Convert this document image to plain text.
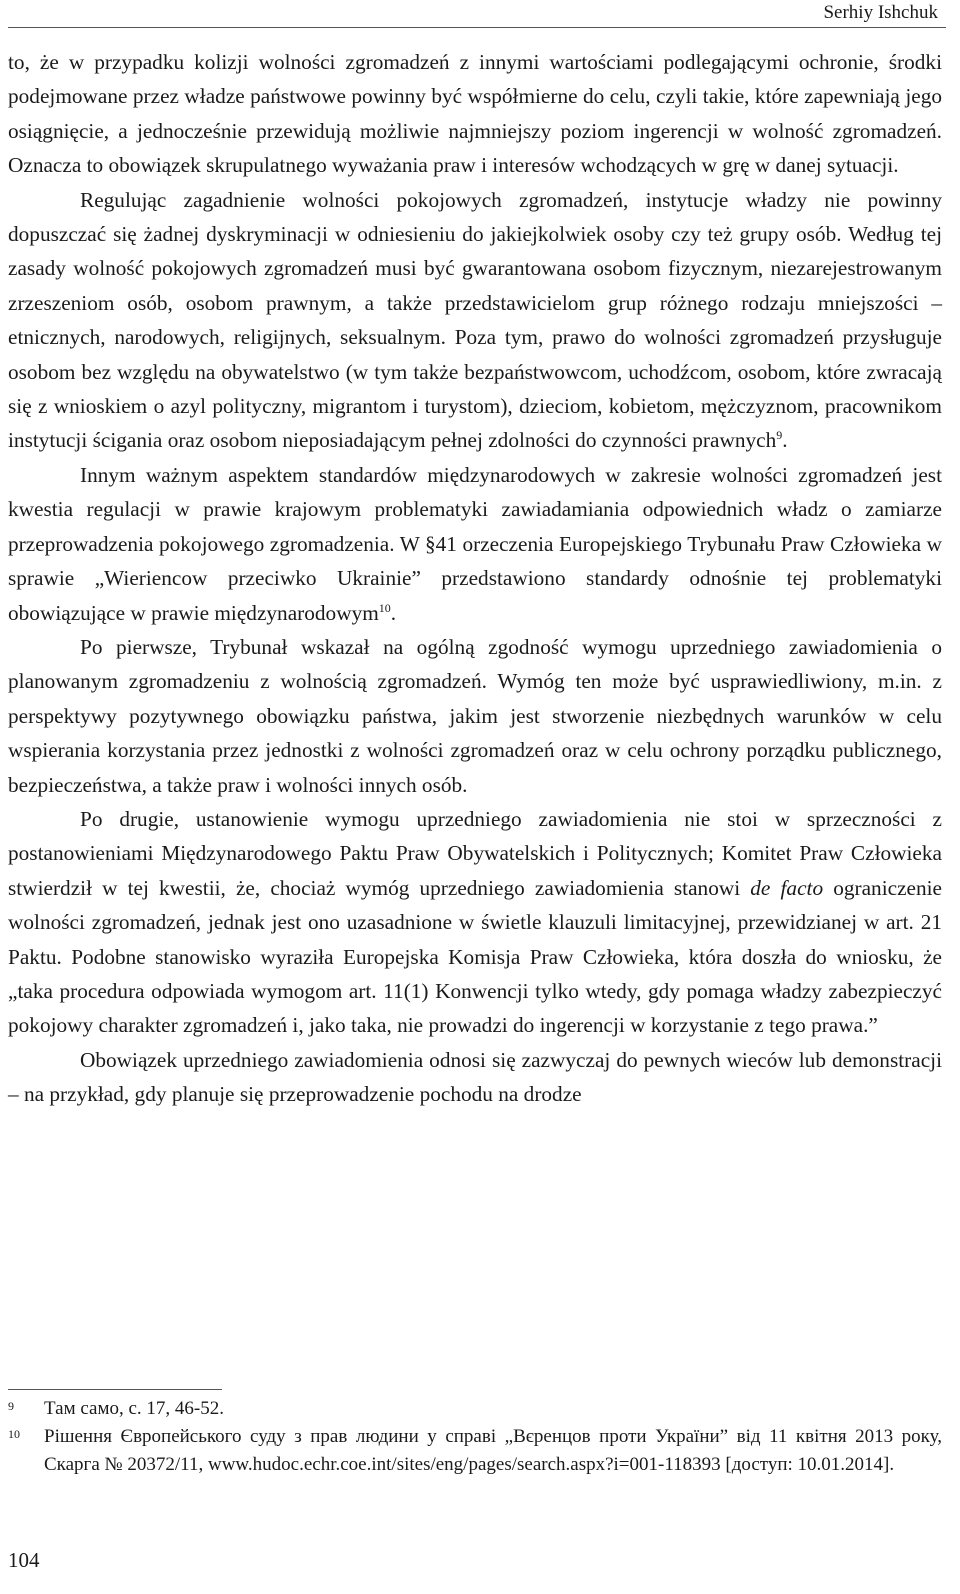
Serhiy Ishchuk

to, że w przypadku kolizji wolności zgromadzeń z innymi wartościami podlegającymi ochronie, środki podejmowane przez władze państwowe powinny być współmierne do celu, czyli takie, które zapewniają jego osiągnięcie, a jednocześnie przewidują możliwie najmniejszy poziom ingerencji w wolność zgromadzeń. Oznacza to obowiązek skrupulatnego wyważania praw i interesów wchodzących w grę w danej sytuacji.

Regulując zagadnienie wolności pokojowych zgromadzeń, instytucje władzy nie powinny dopuszczać się żadnej dyskryminacji w odniesieniu do jakiejkolwiek osoby czy też grupy osób. Według tej zasady wolność pokojowych zgromadzeń musi być gwarantowana osobom fizycznym, niezarejestrowanym zrzeszeniom osób, osobom prawnym, a także przedstawicielom grup różnego rodzaju mniejszości – etnicznych, narodowych, religijnych, seksualnym. Poza tym, prawo do wolności zgromadzeń przysługuje osobom bez względu na obywatelstwo (w tym także bezpaństwowcom, uchodźcom, osobom, które zwracają się z wnioskiem o azyl polityczny, migrantom i turystom), dzieciom, kobietom, mężczyznom, pracownikom instytucji ścigania oraz osobom nieposiadającym pełnej zdolności do czynności prawnych$^9$.

Innym ważnym aspektem standardów międzynarodowych w zakresie wolności zgromadzeń jest kwestia regulacji w prawie krajowym problematyki zawiadamiania odpowiednich władz o zamiarze przeprowadzenia pokojowego zgromadzenia. W §41 orzeczenia Europejskiego Trybunału Praw Człowieka w sprawie „Wieriencow przeciwko Ukrainie” przedstawiono standardy odnośnie tej problematyki obowiązujące w prawie międzynarodowym$^{10}$.

Po pierwsze, Trybunał wskazał na ogólną zgodność wymogu uprzedniego zawiadomienia o planowanym zgromadzeniu z wolnością zgromadzeń. Wymóg ten może być usprawiedliwiony, m.in. z perspektywy pozytywnego obowiązku państwa, jakim jest stworzenie niezbędnych warunków w celu wspierania korzystania przez jednostki z wolności zgromadzeń oraz w celu ochrony porządku publicznego, bezpieczeństwa, a także praw i wolności innych osób.

Po drugie, ustanowienie wymogu uprzedniego zawiadomienia nie stoi w sprzeczności z postanowieniami Międzynarodowego Paktu Praw Obywatelskich i Politycznych; Komitet Praw Człowieka stwierdził w tej kwestii, że, chociaż wymóg uprzedniego zawiadomienia stanowi de facto ograniczenie wolności zgromadzeń, jednak jest ono uzasadnione w świetle klauzuli limitacyjnej, przewidzianej w art. 21 Paktu. Podobne stanowisko wyraziła Europejska Komisja Praw Człowieka, która doszła do wniosku, że „taka procedura odpowiada wymogom art. 11(1) Konwencji tylko wtedy, gdy pomaga władzy zabezpieczyć pokojowy charakter zgromadzeń i, jako taka, nie prowadzi do ingerencji w korzystanie z tego prawa.”

Obowiązek uprzedniego zawiadomienia odnosi się zazwyczaj do pewnych wieców lub demonstracji – na przykład, gdy planuje się przeprowadzenie pochodu na drodze

9	Там само, с. 17, 46-52.
10	Рішення Європейського суду з прав людини у справі „Вєренцов проти України” від 11 квітня 2013 року, Скарга № 20372/11, www.hudoc.echr.coe.int/sites/eng/pages/search.aspx?i=001-118393 [доступ: 10.01.2014].
104
